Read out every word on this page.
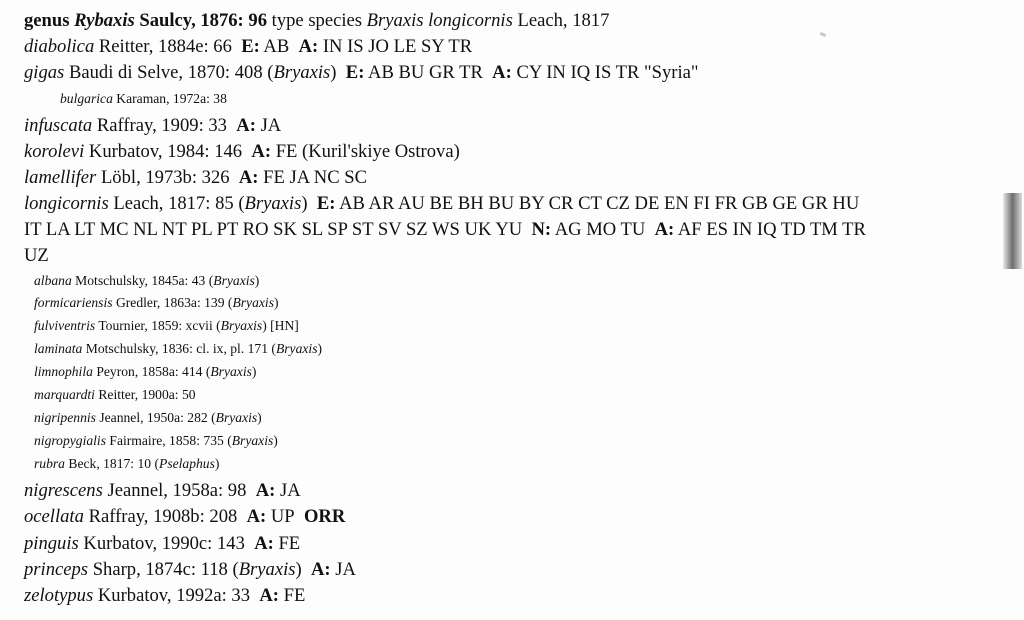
genus Rybaxis Saulcy, 1876: 96 type species Bryaxis longicornis Leach, 1817
diabolica Reitter, 1884e: 66 E: AB A: IN IS JO LE SY TR
gigas Baudi di Selve, 1870: 408 (Bryaxis)  E: AB BU GR TR A: CY IN IQ IS TR "Syria"
bulgarica Karaman, 1972a: 38
infuscata Raffray, 1909: 33 A: JA
korolevi Kurbatov, 1984: 146 A: FE (Kuril'skiye Ostrova)
lamellifer Löbl, 1973b: 326 A: FE JA NC SC
longicornis Leach, 1817: 85 (Bryaxis)  E: AB AR AU BE BH BU BY CR CT CZ DE EN FI FR GB GE GR HU
IT LA LT MC NL NT PL PT RO SK SL SP ST SV SZ WS UK YU N: AG MO TU A: AF ES IN IQ TD TM TR
UZ
albana Motschulsky, 1845a: 43 (Bryaxis)
formicariensis Gredler, 1863a: 139 (Bryaxis)
fulviventris Tournier, 1859: xcvii (Bryaxis) [HN]
laminata Motschulsky, 1836: cl. ix, pl. 171 (Bryaxis)
limnophila Peyron, 1858a: 414 (Bryaxis)
marquardti Reitter, 1900a: 50
nigripennis Jeannel, 1950a: 282 (Bryaxis)
nigropygialis Fairmaire, 1858: 735 (Bryaxis)
rubra Beck, 1817: 10 (Pselaphus)
nigrescens Jeannel, 1958a: 98 A: JA
ocellata Raffray, 1908b: 208 A: UP ORR
pinguis Kurbatov, 1990c: 143 A: FE
princeps Sharp, 1874c: 118 (Bryaxis)  A: JA
zelotypus Kurbatov, 1992a: 33 A: FE
